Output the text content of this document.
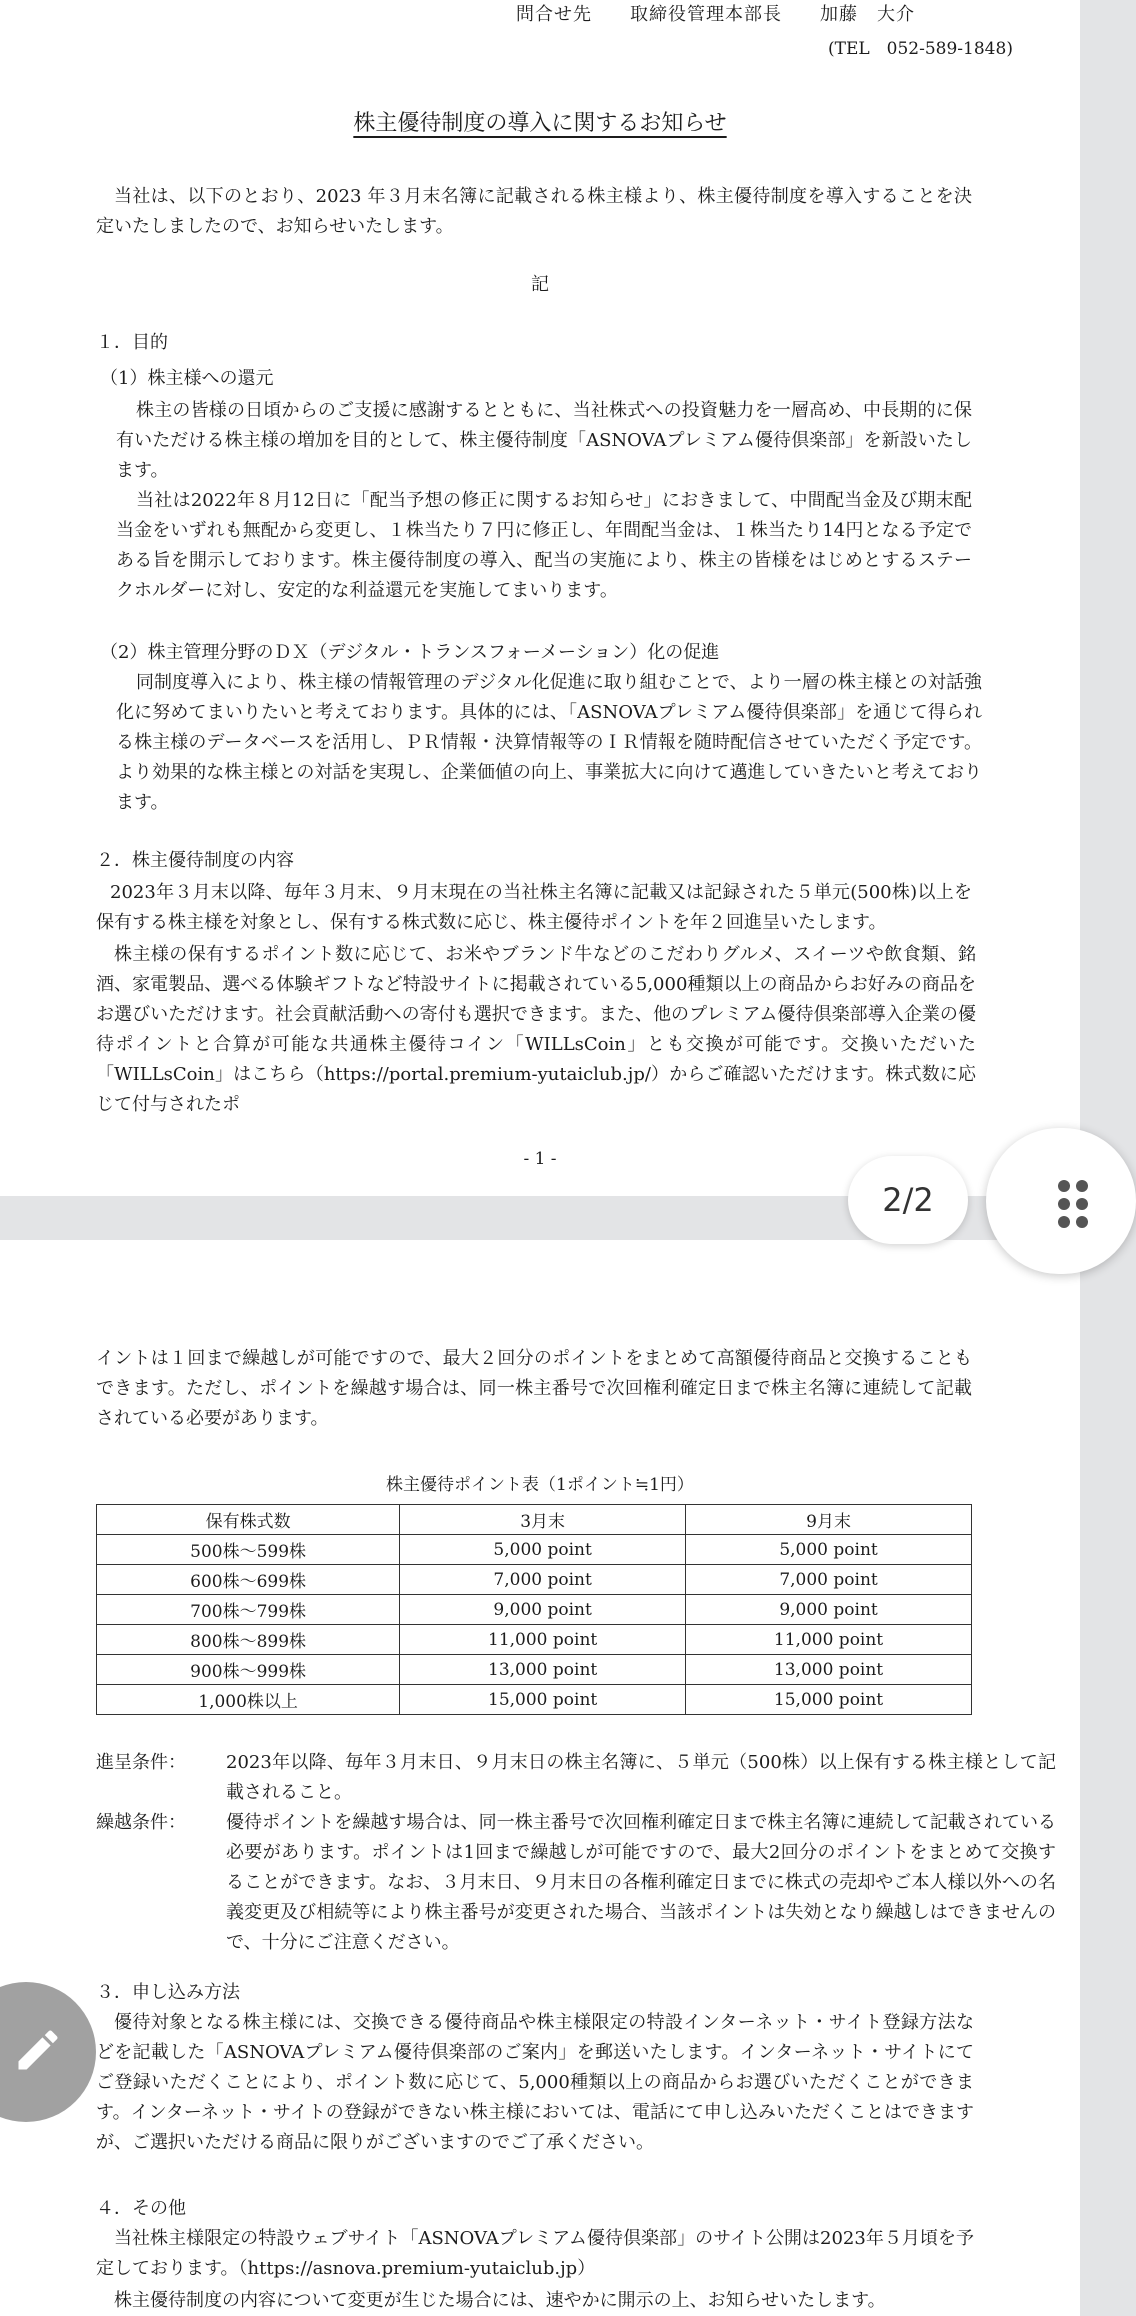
問合せ先　　取締役管理本部長　　加藤　大介
(TEL　052-589-1848)
株主優待制度の導入に関するお知らせ
当社は、以下のとおり、2023 年３月末名簿に記載される株主様より、株主優待制度を導入することを決定いたしましたので、お知らせいたします。
記
１．目的
（1）株主様への還元
株主の皆様の日頃からのご支援に感謝するとともに、当社株式への投資魅力を一層高め、中長期的に保有いただける株主様の増加を目的として、株主優待制度「ASNOVAプレミアム優待倶楽部」を新設いたします。
当社は2022年８月12日に「配当予想の修正に関するお知らせ」におきまして、中間配当金及び期末配当金をいずれも無配から変更し、１株当たり７円に修正し、年間配当金は、１株当たり14円となる予定である旨を開示しております。株主優待制度の導入、配当の実施により、株主の皆様をはじめとするステークホルダーに対し、安定的な利益還元を実施してまいります。
（2）株主管理分野のＤＸ（デジタル・トランスフォーメーション）化の促進
同制度導入により、株主様の情報管理のデジタル化促進に取り組むことで、より一層の株主様との対話強化に努めてまいりたいと考えております。具体的には、「ASNOVAプレミアム優待倶楽部」を通じて得られる株主様のデータベースを活用し、ＰＲ情報・決算情報等のＩＲ情報を随時配信させていただく予定です。より効果的な株主様との対話を実現し、企業価値の向上、事業拡大に向けて邁進していきたいと考えております。
２．株主優待制度の内容
2023年３月末以降、毎年３月末、９月末現在の当社株主名簿に記載又は記録された５単元(500株)以上を保有する株主様を対象とし、保有する株式数に応じ、株主優待ポイントを年２回進呈いたします。
株主様の保有するポイント数に応じて、お米やブランド牛などのこだわりグルメ、スイーツや飲食類、銘酒、家電製品、選べる体験ギフトなど特設サイトに掲載されている5,000種類以上の商品からお好みの商品をお選びいただけます。社会貢献活動への寄付も選択できます。また、他のプレミアム優待倶楽部導入企業の優待ポイントと合算が可能な共通株主優待コイン「WILLsCoin」とも交換が可能です。交換いただいた「WILLsCoin」はこちら（https://portal.premium-yutaiclub.jp/）からご確認いただけます。株式数に応じて付与されたポ
- 1 -
イントは１回まで繰越しが可能ですので、最大２回分のポイントをまとめて高額優待商品と交換することもできます。ただし、ポイントを繰越す場合は、同一株主番号で次回権利確定日まで株主名簿に連続して記載されている必要があります。
株主優待ポイント表（1ポイント≒1円）
保有株式数	3月末	9月末
500株～599株	5,000 point	5,000 point
600株～699株	7,000 point	7,000 point
700株～799株	9,000 point	9,000 point
800株～899株	11,000 point	11,000 point
900株～999株	13,000 point	13,000 point
1,000株以上	15,000 point	15,000 point
進呈条件：	2023年以降、毎年３月末日、９月末日の株主名簿に、５単元（500株）以上保有する株主様として記載されること。
繰越条件：	優待ポイントを繰越す場合は、同一株主番号で次回権利確定日まで株主名簿に連続して記載されている必要があります。ポイントは1回まで繰越しが可能ですので、最大2回分のポイントをまとめて交換することができます。なお、３月末日、９月末日の各権利確定日までに株式の売却やご本人様以外への名義変更及び相続等により株主番号が変更された場合、当該ポイントは失効となり繰越しはできませんので、十分にご注意ください。
３．申し込み方法
優待対象となる株主様には、交換できる優待商品や株主様限定の特設インターネット・サイト登録方法などを記載した「ASNOVAプレミアム優待倶楽部のご案内」を郵送いたします。インターネット・サイトにてご登録いただくことにより、ポイント数に応じて、5,000種類以上の商品からお選びいただくことができます。インターネット・サイトの登録ができない株主様においては、電話にて申し込みいただくことはできますが、ご選択いただける商品に限りがございますのでご了承ください。
４．その他
当社株主様限定の特設ウェブサイト「ASNOVAプレミアム優待倶楽部」のサイト公開は2023年５月頃を予定しております。（https://asnova.premium-yutaiclub.jp）
株主優待制度の内容について変更が生じた場合には、速やかに開示の上、お知らせいたします。
2/2
